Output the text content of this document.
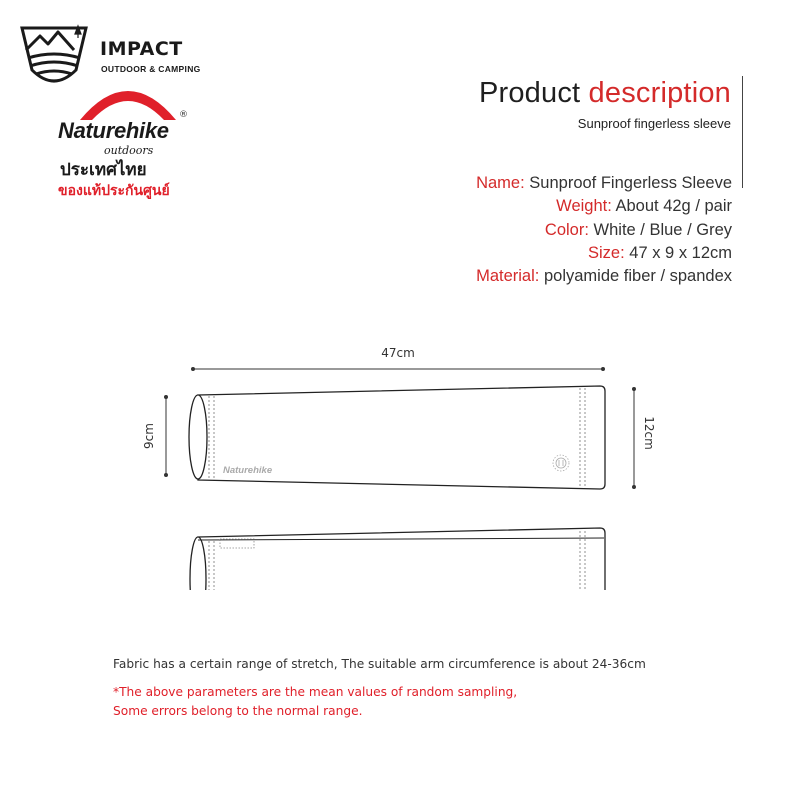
IMPACT
OUTDOOR & CAMPING
®
Naturehike
outdoors
ประเทศไทย
ของแท้ประกันศูนย์
Product description
Sunproof fingerless sleeve
Name: Sunproof Fingerless Sleeve
Weight: About 42g / pair
Color: White / Blue / Grey
Size: 47 x 9 x 12cm
Material: polyamide fiber / spandex
47cm
9cm	12cm
Naturehike
Fabric has a certain range of stretch, The suitable arm circumference is about 24-36cm
*The above parameters are the mean values of random sampling,
Some errors belong to the normal range.
